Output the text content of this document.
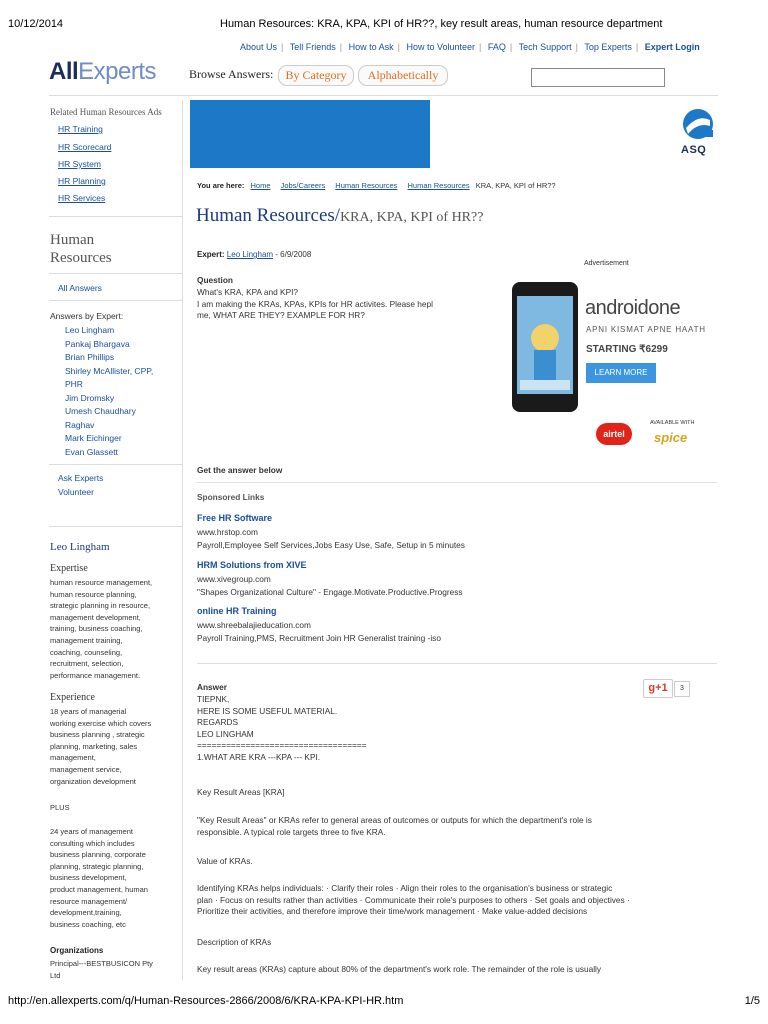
10/12/2014	Human Resources: KRA, KPA, KPI of HR??, key result areas, human resource department
About Us | Tell Friends | How to Ask | How to Volunteer | FAQ | Tech Support | Top Experts | Expert Login
AllExperts	Browse Answers:	By Category	Alphabetically
Related Human Resources Ads
HR Training
HR Scorecard
HR System
HR Planning
HR Services
Human
Resources
All Answers
Answers by Expert:
Leo Lingham
Pankaj Bhargava
Brian Phillips
Shirley McAllister, CPP,
PHR
Jim Dromsky
Umesh Chaudhary
Raghav
Mark Eichinger
Evan Glassett
Ask Experts
Volunteer
Leo Lingham
Expertise
human resource management,
human resource planning,
strategic planning in resource,
management development,
training, business coaching,
management training,
coaching, counseling,
recruitment, selection,
performance management.
Experience
18 years of managerial
working exercise which covers
business planning , strategic
planning, marketing, sales
management,
management service,
organization development
PLUS
24 years of management
consulting which includes
business planning, corporate
planning, strategic planning,
business development,
product management, human
resource management/
development,training,
business coaching, etc
Organizations
Principal---BESTBUSICON Pty
Ltd
ASQ
You are here: Home Jobs/Careers Human Resources Human Resources KRA, KPA, KPI of HR??
Human Resources/KRA, KPA, KPI of HR??
Expert: Leo Lingham - 6/9/2008
Question
What's KRA, KPA and KPI?
I am making the KRAs, KPAs, KPIs for HR activites. Please hepl
me, WHAT ARE THEY? EXAMPLE FOR HR?
Advertisement
androidone
APNI KISMAT APNE HAATH
STARTING ₹6299
LEARN MORE
airtel
AVAILABLE WITH
spice
Get the answer below
Sponsored Links
Free HR Software
www.hrstop.com
Payroll,Employee Self Services,Jobs Easy Use, Safe, Setup in 5 minutes
HRM Solutions from XIVE
www.xivegroup.com
"Shapes Organizational Culture" - Engage.Motivate.Productive.Progress
online HR Training
www.shreebalajieducation.com
Payroll Training,PMS, Recruitment Join HR Generalist training -iso
g+1	3
Answer
TIEPNK,
HERE IS SOME USEFUL MATERIAL.
REGARDS
LEO LINGHAM
===================================
1.WHAT ARE KRA ---KPA --- KPI.
Key Result Areas [KRA]
"Key Result Areas" or KRAs refer to general areas of outcomes or outputs for which the department's role is
responsible. A typical role targets three to five KRA.
Value of KRAs.
Identifying KRAs helps individuals: · Clarify their roles · Align their roles to the organisation's business or strategic
plan · Focus on results rather than activities · Communicate their role's purposes to others · Set goals and objectives ·
Prioritize their activities, and therefore improve their time/work management · Make value-added decisions
Description of KRAs
Key result areas (KRAs) capture about 80% of the department's work role. The remainder of the role is usually
http://en.allexperts.com/q/Human-Resources-2866/2008/6/KRA-KPA-KPI-HR.htm	1/5
